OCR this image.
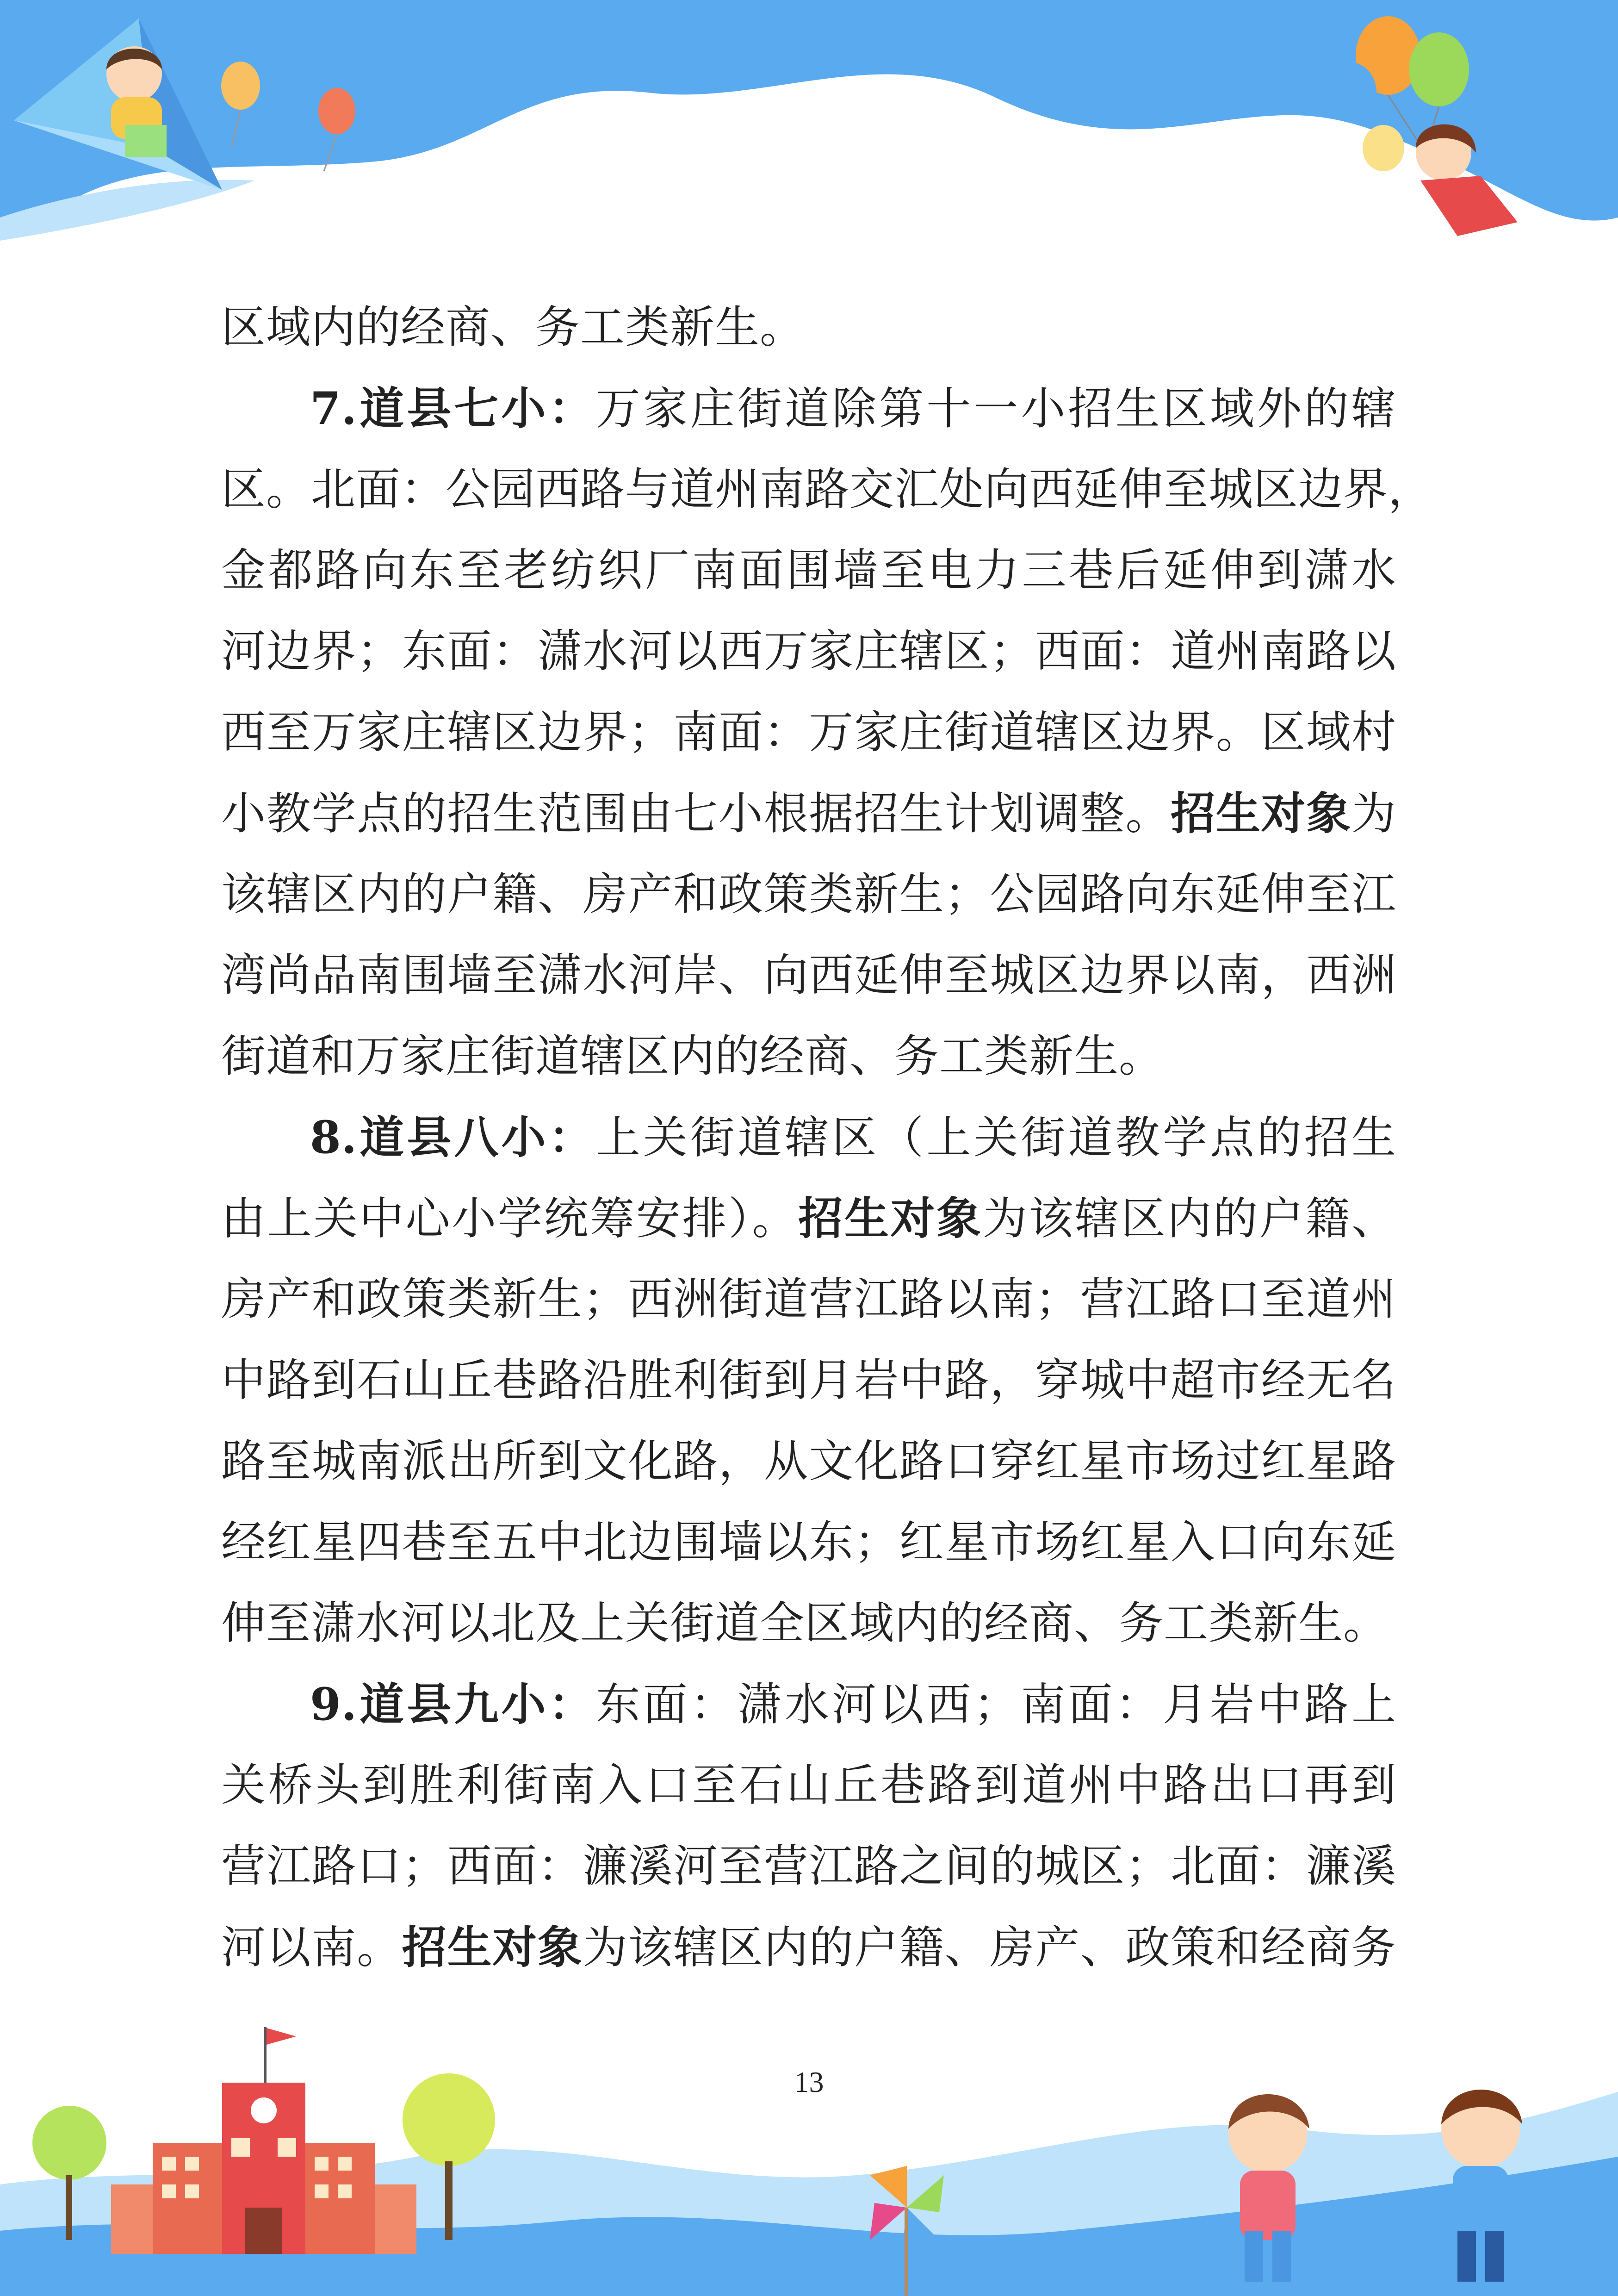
区域内的经商、务工类新生。
7.道县七小：万家庄街道除第十一小招生区域外的辖
区。北面：公园西路与道州南路交汇处向西延伸至城区边界，
金都路向东至老纺织厂南面围墙至电力三巷后延伸到潇水
河边界；东面：潇水河以西万家庄辖区；西面：道州南路以
西至万家庄辖区边界；南面：万家庄街道辖区边界。区域村
小教学点的招生范围由七小根据招生计划调整。招生对象为
该辖区内的户籍、房产和政策类新生；公园路向东延伸至江
湾尚品南围墙至潇水河岸、向西延伸至城区边界以南，西洲
街道和万家庄街道辖区内的经商、务工类新生。
8.道县八小：上关街道辖区（上关街道教学点的招生
由上关中心小学统筹安排）。招生对象为该辖区内的户籍、
房产和政策类新生；西洲街道营江路以南；营江路口至道州
中路到石山丘巷路沿胜利街到月岩中路，穿城中超市经无名
路至城南派出所到文化路，从文化路口穿红星市场过红星路
经红星四巷至五中北边围墙以东；红星市场红星入口向东延
伸至潇水河以北及上关街道全区域内的经商、务工类新生。
9.道县九小：东面：潇水河以西；南面：月岩中路上
关桥头到胜利街南入口至石山丘巷路到道州中路出口再到
营江路口；西面：濂溪河至营江路之间的城区；北面：濂溪
河以南。招生对象为该辖区内的户籍、房产、政策和经商务
13
